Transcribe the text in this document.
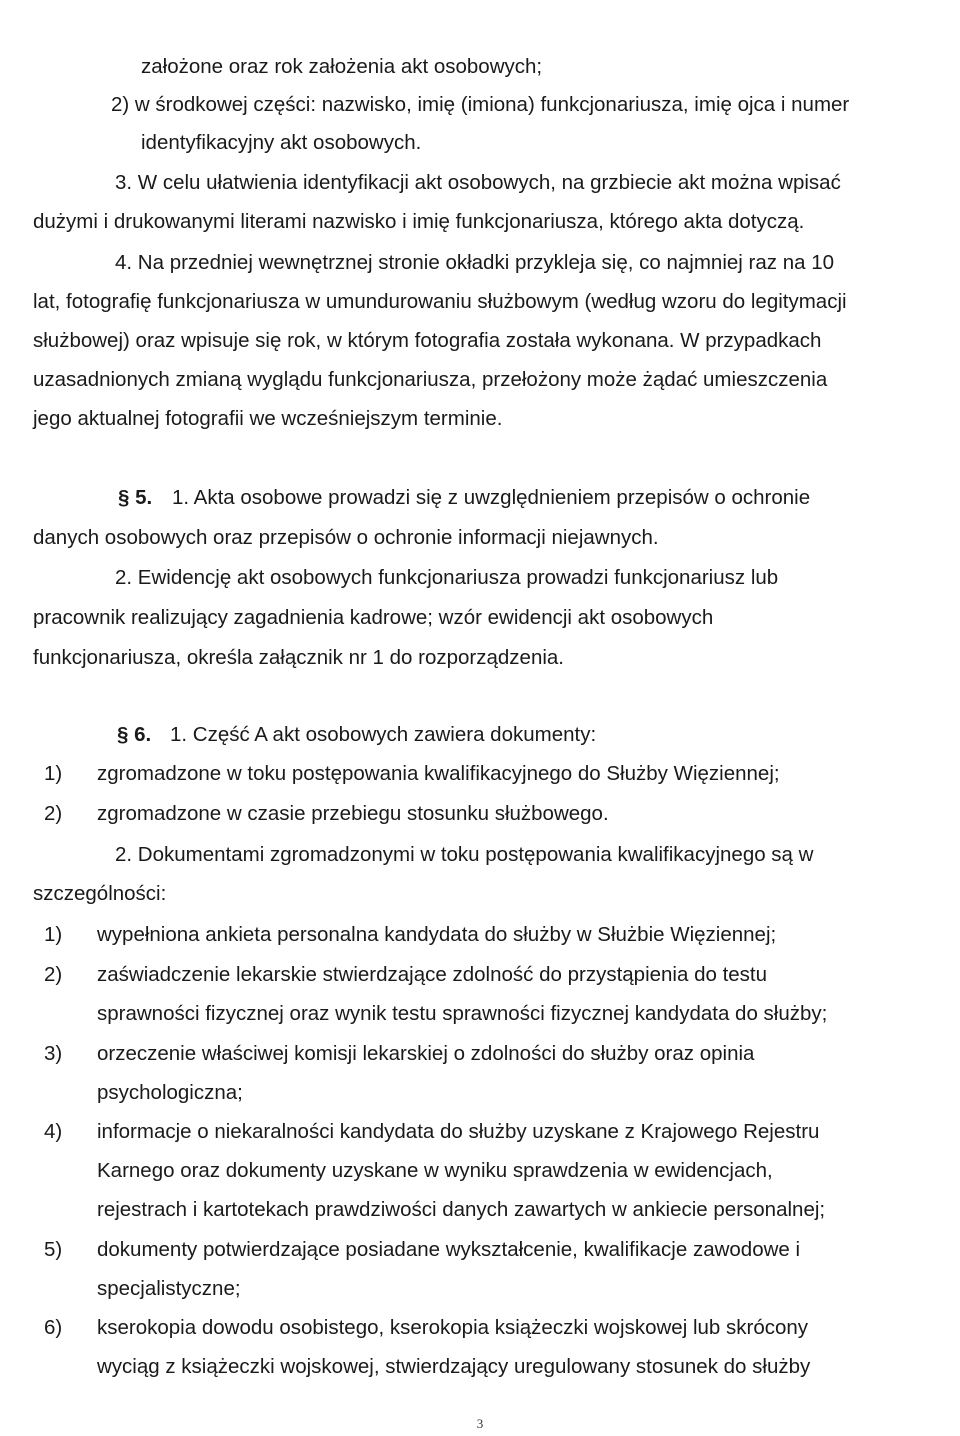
założone oraz rok założenia akt osobowych;
2) w środkowej części: nazwisko, imię (imiona) funkcjonariusza, imię ojca i numer
identyfikacyjny akt osobowych.
3. W celu ułatwienia identyfikacji akt osobowych, na grzbiecie akt można wpisać
dużymi i drukowanymi literami nazwisko i imię funkcjonariusza, którego akta dotyczą.
4. Na przedniej wewnętrznej stronie okładki przykleja się, co najmniej raz na 10
lat, fotografię funkcjonariusza w umundurowaniu służbowym (według wzoru do legitymacji
służbowej) oraz wpisuje się rok, w którym fotografia została wykonana. W przypadkach
uzasadnionych zmianą wyglądu funkcjonariusza, przełożony może żądać umieszczenia
jego aktualnej fotografii we wcześniejszym terminie.
§ 5. 1. Akta osobowe prowadzi się z uwzględnieniem przepisów o ochronie
danych osobowych oraz przepisów o ochronie informacji niejawnych.
2. Ewidencję akt osobowych funkcjonariusza prowadzi funkcjonariusz lub
pracownik realizujący zagadnienia kadrowe; wzór ewidencji akt osobowych
funkcjonariusza, określa załącznik nr 1 do rozporządzenia.
§ 6. 1. Część A akt osobowych zawiera dokumenty:
1) zgromadzone w toku postępowania kwalifikacyjnego do Służby Więziennej;
2) zgromadzone w czasie przebiegu stosunku służbowego.
2. Dokumentami zgromadzonymi w toku postępowania kwalifikacyjnego są w
szczególności:
1) wypełniona ankieta personalna kandydata do służby w Służbie Więziennej;
2) zaświadczenie lekarskie stwierdzające zdolność do przystąpienia do testu
sprawności fizycznej oraz wynik testu sprawności fizycznej kandydata do służby;
3) orzeczenie właściwej komisji lekarskiej o zdolności do służby oraz opinia
psychologiczna;
4) informacje o niekaralności kandydata do służby uzyskane z Krajowego Rejestru
Karnego oraz dokumenty uzyskane w wyniku sprawdzenia w ewidencjach,
rejestrach i kartotekach prawdziwości danych zawartych w ankiecie personalnej;
5) dokumenty potwierdzające posiadane wykształcenie, kwalifikacje zawodowe i
specjalistyczne;
6) kserokopia dowodu osobistego, kserokopia książeczki wojskowej lub skrócony
wyciąg z książeczki wojskowej, stwierdzający uregulowany stosunek do służby
3
